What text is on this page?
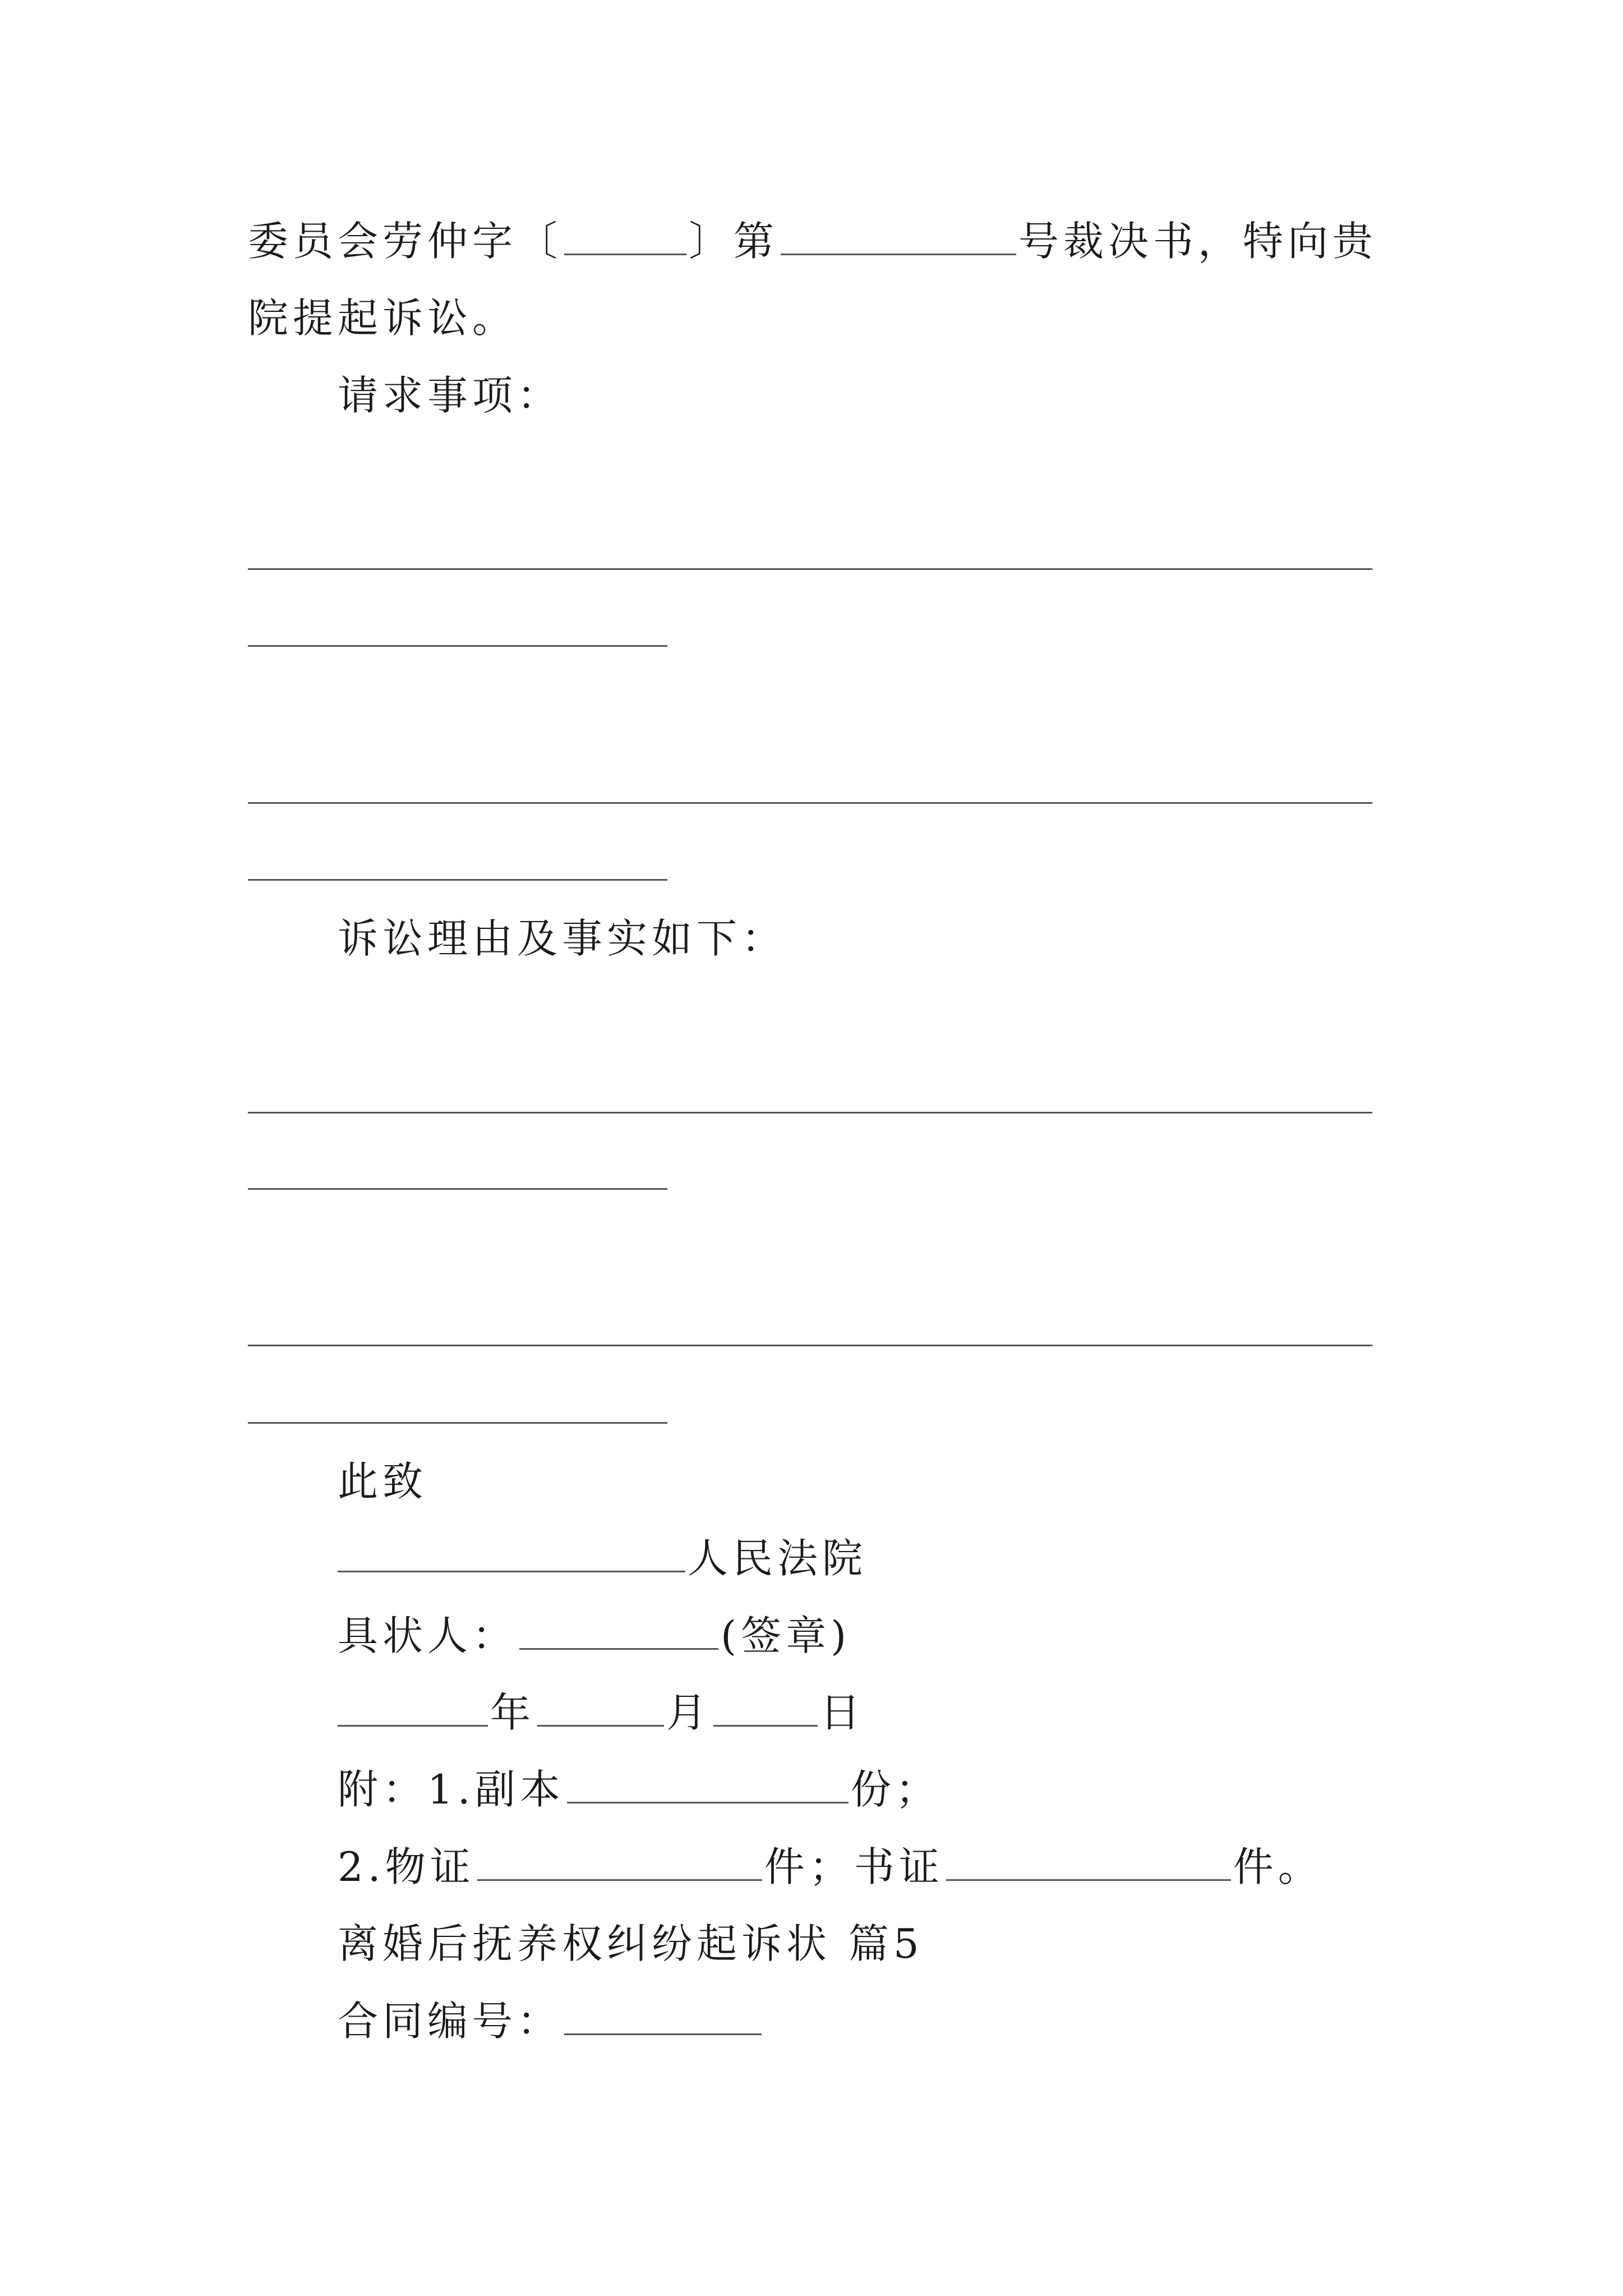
委员会劳仲字〔	〕第	号裁决书，特向贵
院提起诉讼。
请求事项：
诉讼理由及事实如下：
此致
人民法院
具状人：	(签章)
年	月	日
附：1.副本	份；
2.物证	件；书证	件。
离婚后抚养权纠纷起诉状 篇5
合同编号：
